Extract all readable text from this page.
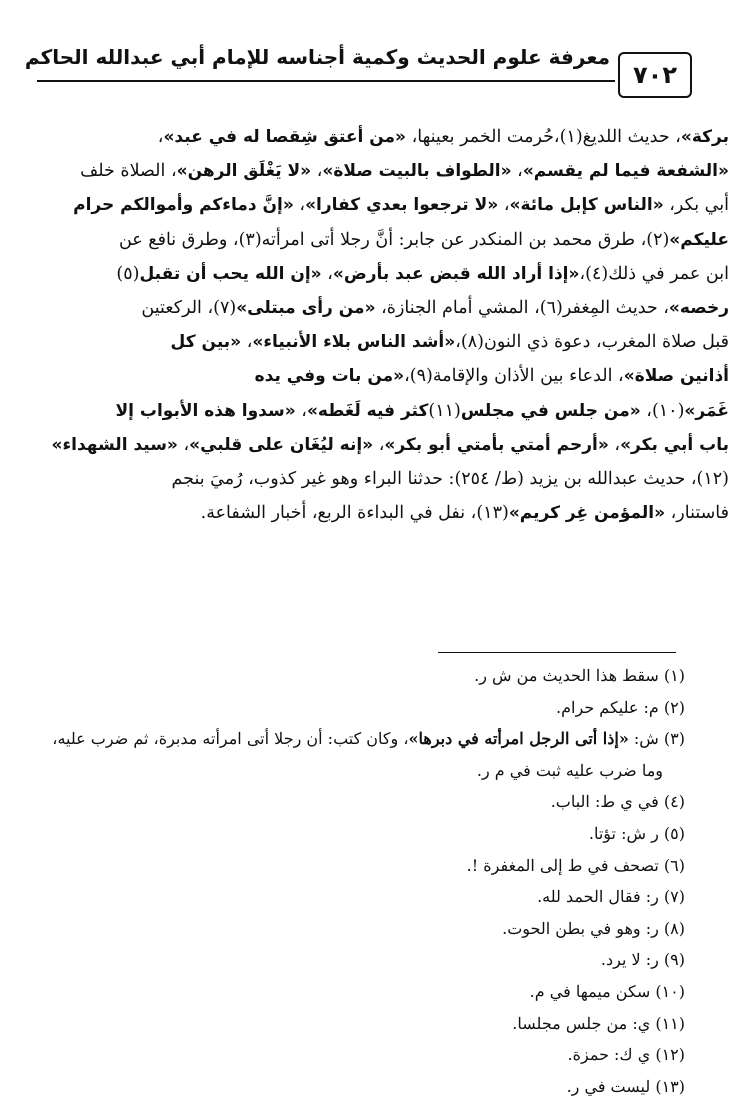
معرفة علوم الحديث وكمية أجناسه للإمام أبي عبدالله الحاكم
٧٠٢
بركة»، حديث اللديغ(١)،حُرمت الخمر بعينها، «من أعتق شِقصا له في عبد»،
«الشفعة فيما لم يقسم»، «الطواف بالبيت صلاة»، «لا يَغْلَق الرهن»، الصلاة خلف
أبي بكر، «الناس كإبل مائة»، «لا ترجعوا بعدي كفارا»، «إنَّ دماءكم وأموالكم حرام
عليكم»(٢)، طرق محمد بن المنكدر عن جابر: أنَّ رجلا أتى امرأته(٣)، وطرق نافع عن
ابن عمر في ذلك(٤)،«إذا أراد الله قبض عبد بأرض»، «إن الله يحب أن تقبل(٥)
رخصه»، حديث المِغفر(٦)، المشي أمام الجنازة، «من رأى مبتلى»(٧)، الركعتين
قبل صلاة المغرب، دعوة ذي النون(٨)،«أشد الناس بلاء الأنبياء»، «بين كل
أذانين صلاة»، الدعاء بين الأذان والإقامة(٩)،«من بات وفي يده
غَمَر»(١٠)، «من جلس في مجلس(١١)كثر فيه لَغَطه»، «سدوا هذه الأبواب إلا
باب أبي بكر»، «أرحم أمتي بأمتي أبو بكر»، «إنه ليُغَان على قلبي»، «سيد الشهداء»
(١٢)، حديث عبدالله بن يزيد (ط/ ٢٥٤): حدثنا البراء وهو غير كذوب، رُميَ بنجم
فاستنار، «المؤمن غِر كريم»(١٣)، نفل في البداءة الربع، أخبار الشفاعة.
(١) سقط هذا الحديث من ش ر.
(٢) م: عليكم حرام.
(٣) ش: «إذا أتى الرجل امرأته في دبرها»، وكان كتب: أن رجلا أتى امرأته مدبرة، ثم ضرب عليه،
وما ضرب عليه ثبت في م ر.
(٤) في ي ط: الباب.
(٥) ر ش: تؤتا.
(٦) تصحف في ط إلى المغفرة !.
(٧) ر: فقال الحمد لله.
(٨) ر: وهو في بطن الحوت.
(٩) ر: لا يرد.
(١٠) سكن ميمها في م.
(١١) ي: من جلس مجلسا.
(١٢) ي ك: حمزة.
(١٣) ليست في ر.
